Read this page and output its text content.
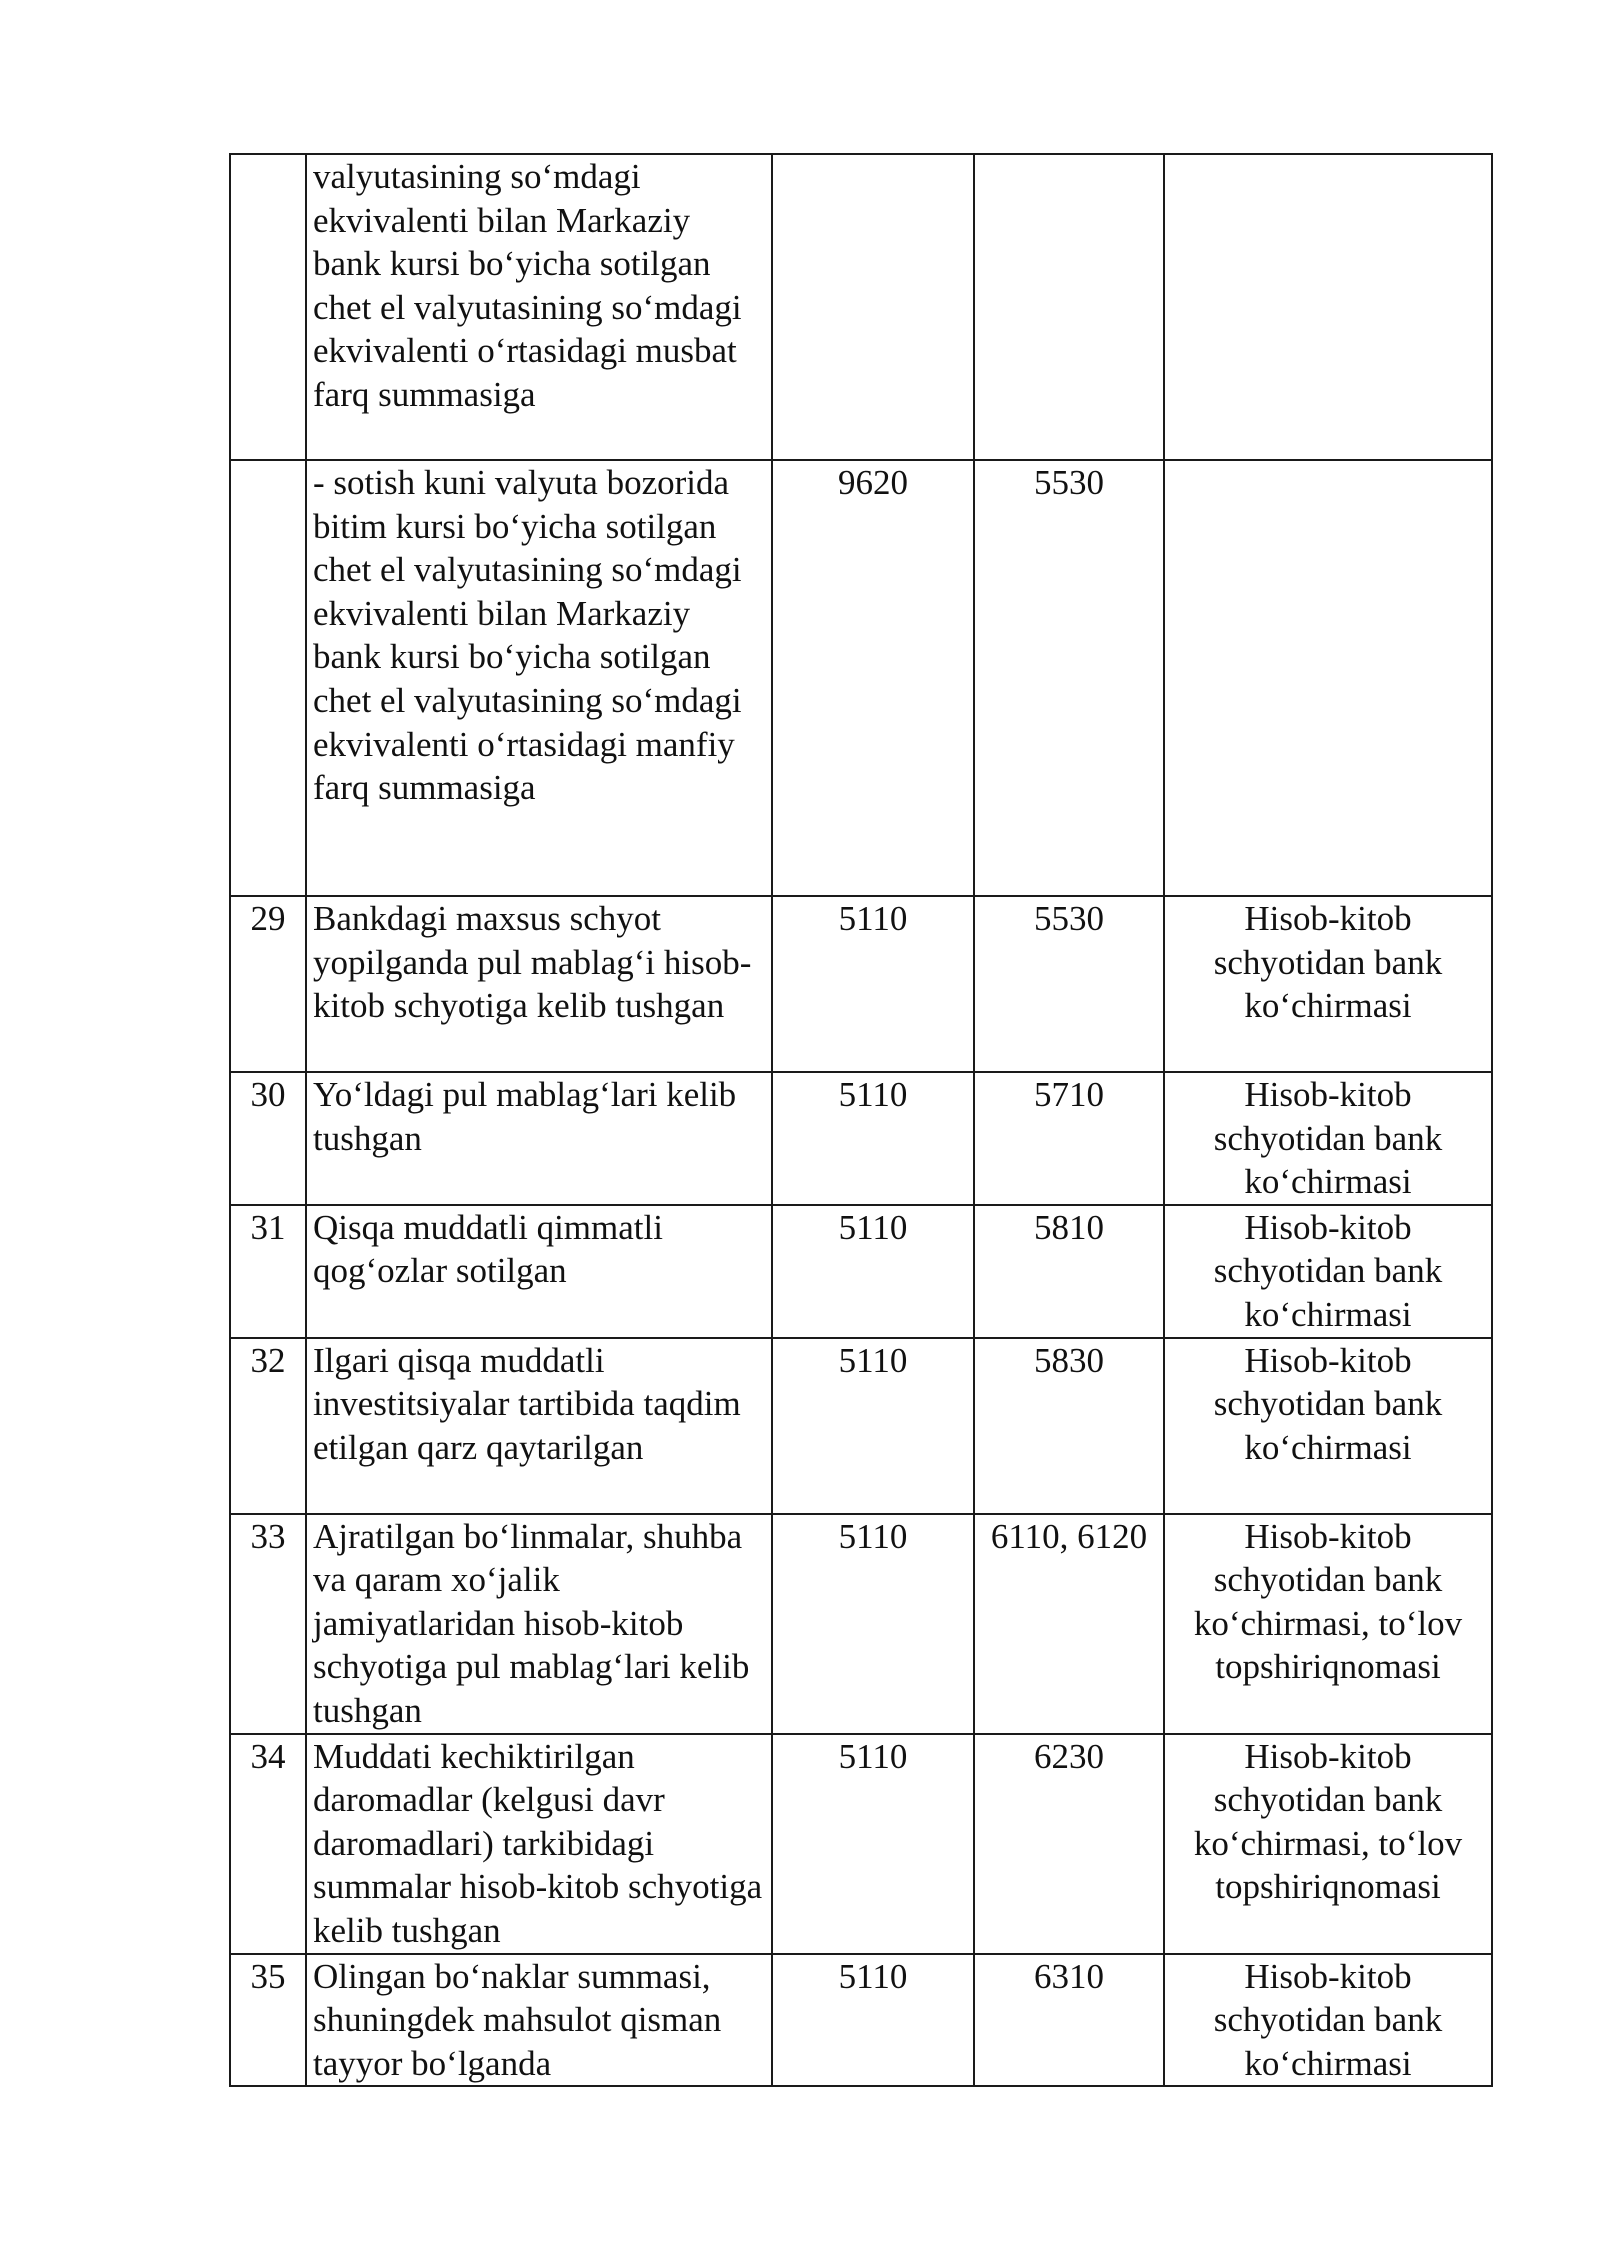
	valyutasining so‘mdagi ekvivalenti bilan Markaziy bank kursi bo‘yicha sotilgan chet el valyutasining so‘mdagi ekvivalenti o‘rtasidagi musbat farq summasiga			
	- sotish kuni valyuta bozorida bitim kursi bo‘yicha sotilgan chet el valyutasining so‘mdagi ekvivalenti bilan Markaziy bank kursi bo‘yicha sotilgan chet el valyutasining so‘mdagi ekvivalenti o‘rtasidagi manfiy farq summasiga	9620	5530	
29	Bankdagi maxsus schyot yopilganda pul mablag‘i hisob-kitob schyotiga kelib tushgan	5110	5530	Hisob-kitob schyotidan bank ko‘chirmasi
30	Yo‘ldagi pul mablag‘lari kelib tushgan	5110	5710	Hisob-kitob schyotidan bank ko‘chirmasi
31	Qisqa muddatli qimmatli qog‘ozlar sotilgan	5110	5810	Hisob-kitob schyotidan bank ko‘chirmasi
32	Ilgari qisqa muddatli investitsiyalar tartibida taqdim etilgan qarz qaytarilgan	5110	5830	Hisob-kitob schyotidan bank ko‘chirmasi
33	Ajratilgan bo‘linmalar, shuhba va qaram xo‘jalik jamiyatlaridan hisob-kitob schyotiga pul mablag‘lari kelib tushgan	5110	6110, 6120	Hisob-kitob schyotidan bank ko‘chirmasi, to‘lov topshiriqnomasi
34	Muddati kechiktirilgan daromadlar (kelgusi davr daromadlari) tarkibidagi summalar hisob-kitob schyotiga kelib tushgan	5110	6230	Hisob-kitob schyotidan bank ko‘chirmasi, to‘lov topshiriqnomasi
35	Olingan bo‘naklar summasi, shuningdek mahsulot qisman tayyor bo‘lganda	5110	6310	Hisob-kitob schyotidan bank ko‘chirmasi
